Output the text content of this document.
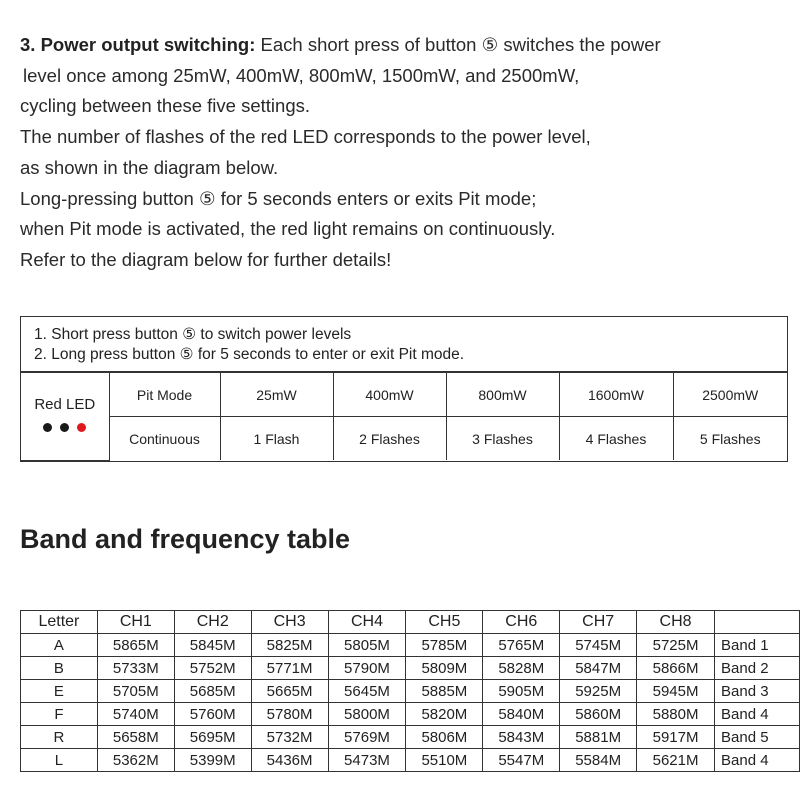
3. Power output switching: Each short press of button ⑤ switches the power

level once among 25mW, 400mW, 800mW, 1500mW, and 2500mW,

cycling between these five settings.

The number of flashes of the red LED corresponds to the power level,

as shown in the diagram below.

Long-pressing button ⑤ for 5 seconds enters or exits Pit mode;

when Pit mode is activated, the red light remains on continuously.

Refer to the diagram below for further details!

1. Short press button ⑤ to switch power levels

2. Long press button ⑤ for 5 seconds to enter or exit Pit mode.

Red LED	Pit Mode	25mW	400mW	800mW	1600mW	2500mW
	Continuous	1 Flash	2 Flashes	3 Flashes	4 Flashes	5 Flashes
Band and frequency table
Letter	CH1	CH2	CH3	CH4	CH5	CH6	CH7	CH8	
A	5865M	5845M	5825M	5805M	5785M	5765M	5745M	5725M	Band 1
B	5733M	5752M	5771M	5790M	5809M	5828M	5847M	5866M	Band 2
E	5705M	5685M	5665M	5645M	5885M	5905M	5925M	5945M	Band 3
F	5740M	5760M	5780M	5800M	5820M	5840M	5860M	5880M	Band 4
R	5658M	5695M	5732M	5769M	5806M	5843M	5881M	5917M	Band 5
L	5362M	5399M	5436M	5473M	5510M	5547M	5584M	5621M	Band 4
